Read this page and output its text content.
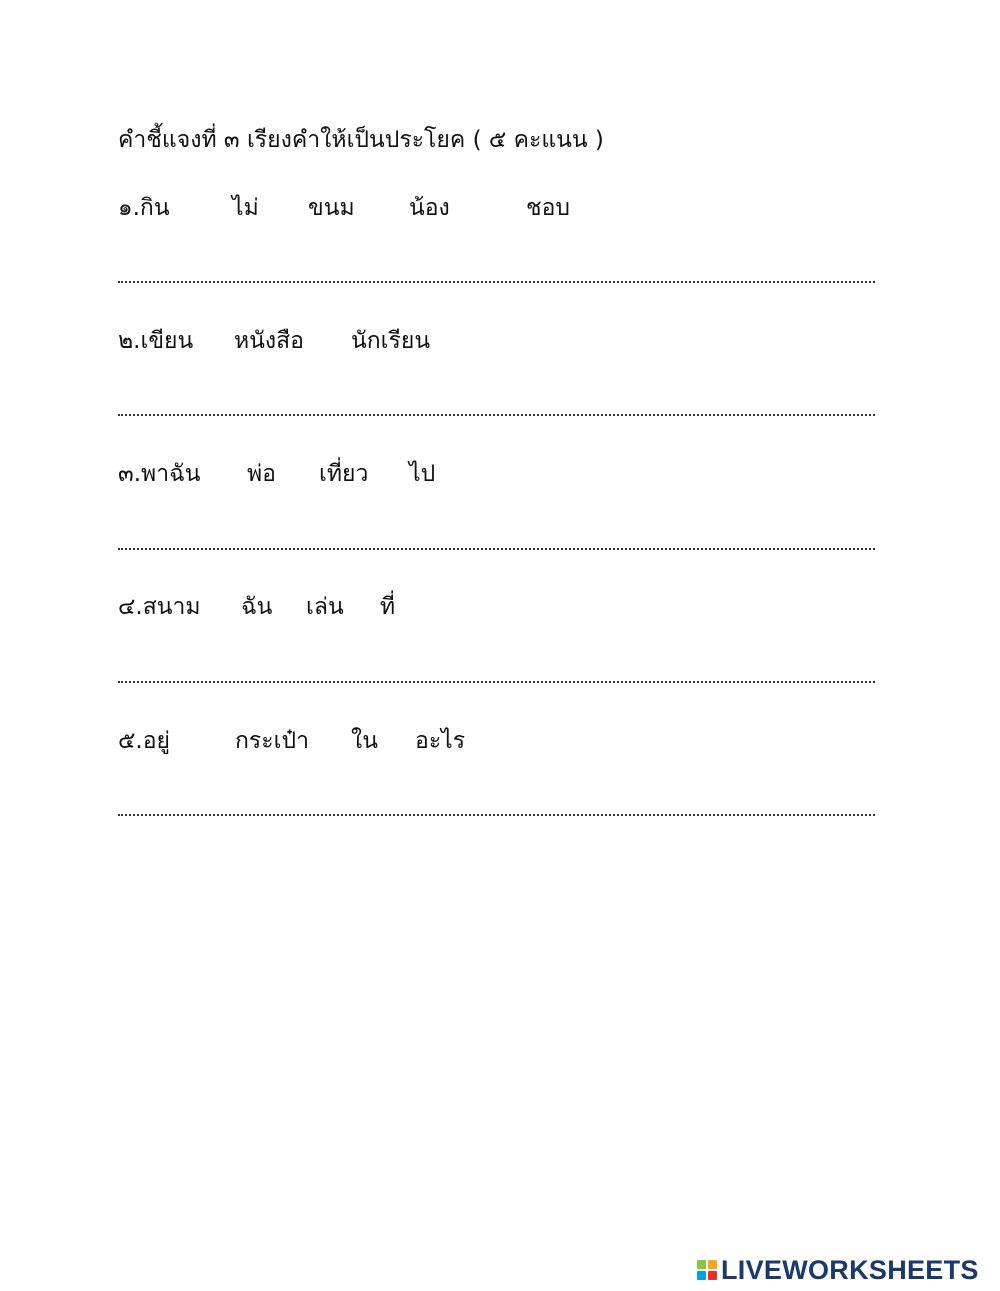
คำชี้แจงที่ ๓ เรียงคำให้เป็นประโยค ( ๕ คะแนน )
๑.กิน	ไม่ ขนม น้อง	ชอบ
๒.เขียน หนังสือ นักเรียน
๓.พาฉัน พ่อ เที่ยว ไป
๔.สนาม ฉัน เล่น ที่
๕.อยู่	กระเป๋า ใน อะไร
LIVEWORKSHEETS
